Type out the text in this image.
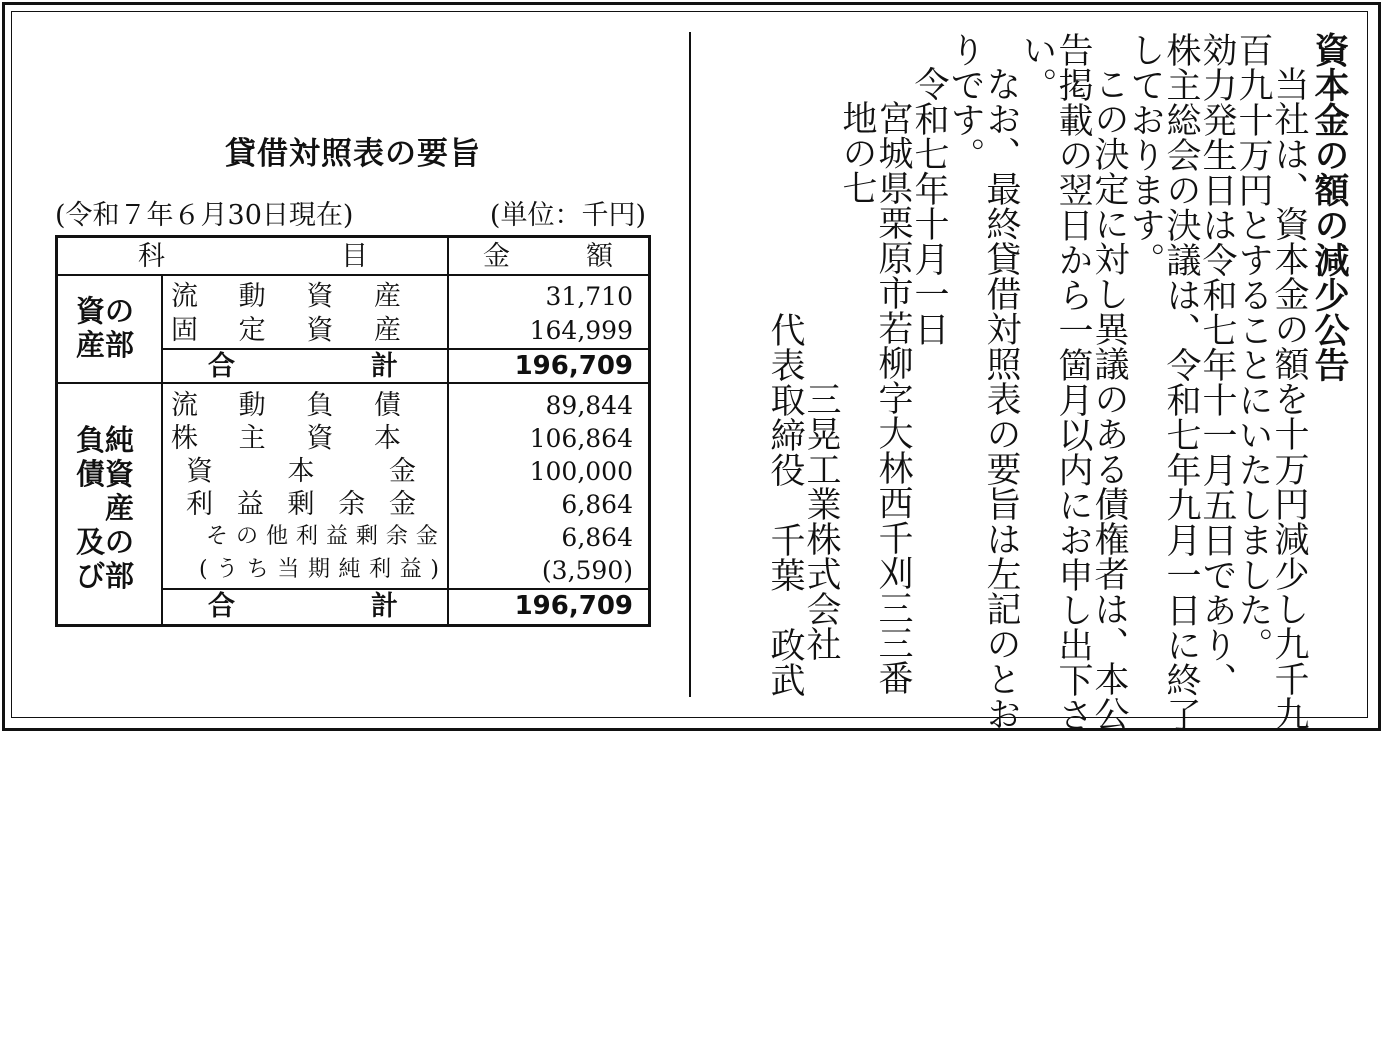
貸借対照表の要旨
(令和７年６月30日現在)	(単位：千円)
科	目	金	額
資の
産部
流 動 資 産	31,710
固 定 資 産	164,999
合	計	196,709
負純
債資
　産
及の
び部
流 動 負 債	89,844
株 主 資 本	106,864
資	本	金	100,000
利 益 剰 余 金	6,864
そ の 他 利 益 剰 余 金	6,864
( う ち 当 期 純 利 益 )	(3,590)
合	計	196,709
資本金の額の減少公告
当社は、資本金の額を十万円減少し九千九
百九十万円とすることにいたしました。
効力発生日は令和七年十一月五日であり、
株主総会の決議は、令和七年九月一日に終了
しております。
この決定に対し異議のある債権者は、本公
告掲載の翌日から一箇月以内にお申し出下さ
い。
なお、最終貸借対照表の要旨は左記のとお
りです。
令和七年十月一日
宮城県栗原市若柳字大林西千刈三三番
地の七
三晃工業株式会社
代表取締役　千葉　政武
